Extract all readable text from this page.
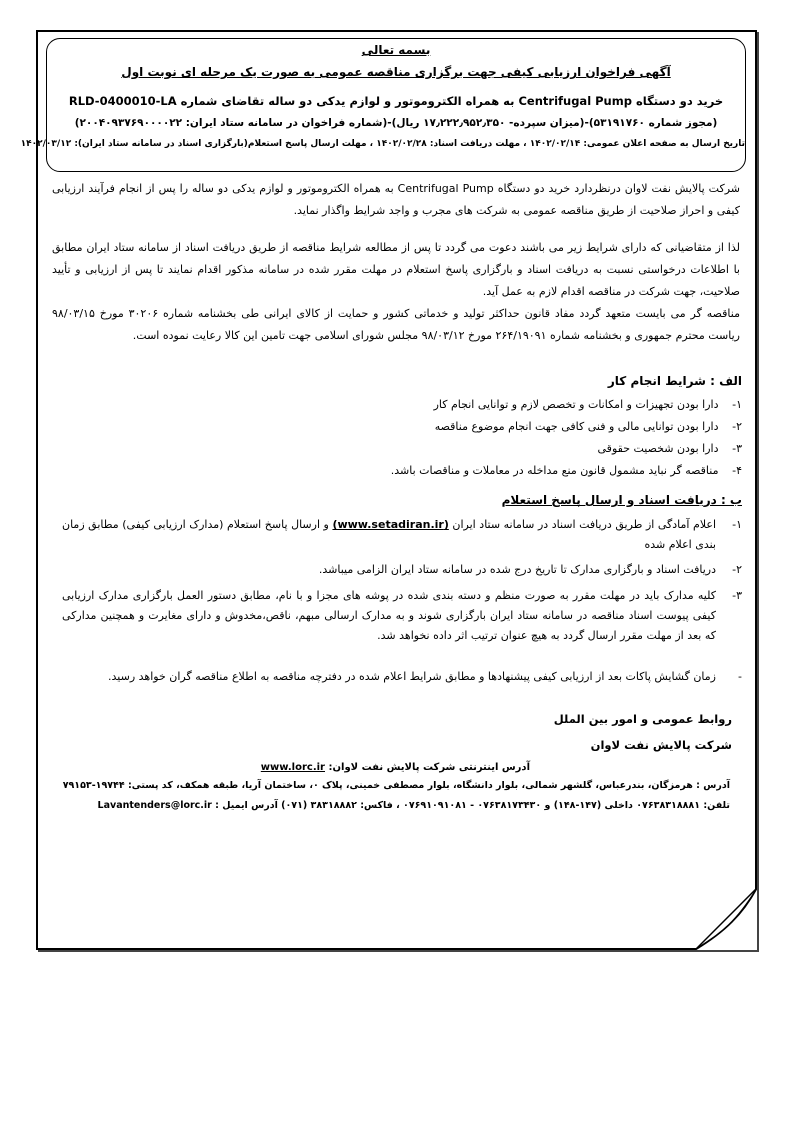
بسمه تعالی
آگهی فراخوان ارزیابی کیفی جهت برگزاری مناقصه عمومی به صورت یک مرحله ای نوبت اول
خرید دو دستگاه Centrifugal Pump به همراه الکتروموتور و لوازم یدکی دو ساله تقاضای شماره RLD-0400010-LA
(مجوز شماره ۵۳۱۹۱۷۶۰)-(میزان سپرده- ۱۷٫۲۲۲٫۹۵۲٫۳۵۰ ریال)-(شماره فراخوان در سامانه ستاد ایران: ۲۰۰۴۰۹۳۷۶۹۰۰۰۰۲۲)
تاریخ ارسال به صفحه اعلان عمومی: ۱۴۰۲/۰۲/۱۴ ، مهلت دریافت اسناد: ۱۴۰۲/۰۲/۲۸ ، مهلت ارسال پاسخ استعلام(بارگزاری اسناد در سامانه ستاد ایران): ۱۴۰۲/۰۳/۱۲
شرکت پالایش نفت لاوان درنظردارد خرید دو دستگاه Centrifugal Pump به همراه الکتروموتور و لوازم یدکی دو ساله را پس از انجام فرآیند ارزیابی کیفی و احراز صلاحیت از طریق مناقصه عمومی به شرکت های مجرب و واجد شرایط واگذار نماید.
لذا از متقاضیانی که دارای شرایط زیر می باشند دعوت می گردد تا پس از مطالعه شرایط مناقصه از طریق دریافت اسناد از سامانه ستاد ایران مطابق با اطلاعات درخواستی نسبت به دریافت اسناد و بارگزاری پاسخ استعلام در مهلت مقرر شده در سامانه مذکور اقدام نمایند تا پس از ارزیابی و تأیید صلاحیت، جهت شرکت در مناقصه اقدام لازم به عمل آید.
مناقصه گر می بایست متعهد گردد مفاد قانون حداکثر تولید و خدماتی کشور و حمایت از کالای ایرانی طی بخشنامه شماره ۳۰۲۰۶ مورخ ۹۸/۰۳/۱۵ ریاست محترم جمهوری و بخشنامه شماره ۲۶۴/۱۹۰۹۱ مورخ ۹۸/۰۳/۱۲ مجلس شورای اسلامی جهت تامین این کالا رعایت نموده است.
الف : شرایط انجام کار
۱- دارا بودن تجهیزات و امکانات و تخصص لازم و توانایی انجام کار
۲- دارا بودن توانایی مالی و فنی کافی جهت انجام موضوع مناقصه
۳- دارا بودن شخصیت حقوقی
۴- مناقصه گر نباید مشمول قانون منع مداخله در معاملات و مناقصات باشد.
ب : دریافت اسناد و ارسال پاسخ استعلام
۱-
اعلام آمادگی از طریق دریافت اسناد در سامانه ستاد ایران (www.setadiran.ir) و ارسال پاسخ استعلام (مدارک ارزیابی کیفی) مطابق زمان بندی اعلام شده
۲-
دریافت اسناد و بارگزاری مدارک تا تاریخ درج شده در سامانه ستاد ایران الزامی میباشد.
۳-
کلیه مدارک باید در مهلت مقرر به صورت منظم و دسته بندی شده در پوشه های مجزا و با نام، مطابق دستور العمل بارگزاری مدارک ارزیابی کیفی پیوست اسناد مناقصه در سامانه ستاد ایران بارگزاری شوند و به مدارک ارسالی مبهم، ناقص،مخدوش و دارای مغایرت و همچنین مدارکی که بعد از مهلت مقرر ارسال گردد به هیچ عنوان ترتیب اثر داده نخواهد شد.
-
زمان گشایش پاکات بعد از ارزیابی کیفی پیشنهادها و مطابق شرایط اعلام شده در دفترچه مناقصه به اطلاع مناقصه گران خواهد رسید.
روابط عمومی و امور بین الملل
شرکت پالایش نفت لاوان
آدرس اینترنتی شرکت پالایش نفت لاوان: www.lorc.ir
آدرس : هرمزگان، بندرعباس، گلشهر شمالی، بلوار دانشگاه، بلوار مصطفی خمینی، پلاک ۰، ساختمان آریا، طبقه همکف، کد پستی: ۱۹۷۴۴-۷۹۱۵۳
تلفن: ۰۷۶۳۸۳۱۸۸۸۱ داخلی (۱۴۷-۱۴۸) و ۰۷۶۳۸۱۷۳۴۳۰ - ۰۷۶۹۱۰۹۱۰۸۱ ، فاکس: ۳۸۳۱۸۸۸۲ (۰۷۱) آدرس ایمیل : Lavantenders@lorc.ir
